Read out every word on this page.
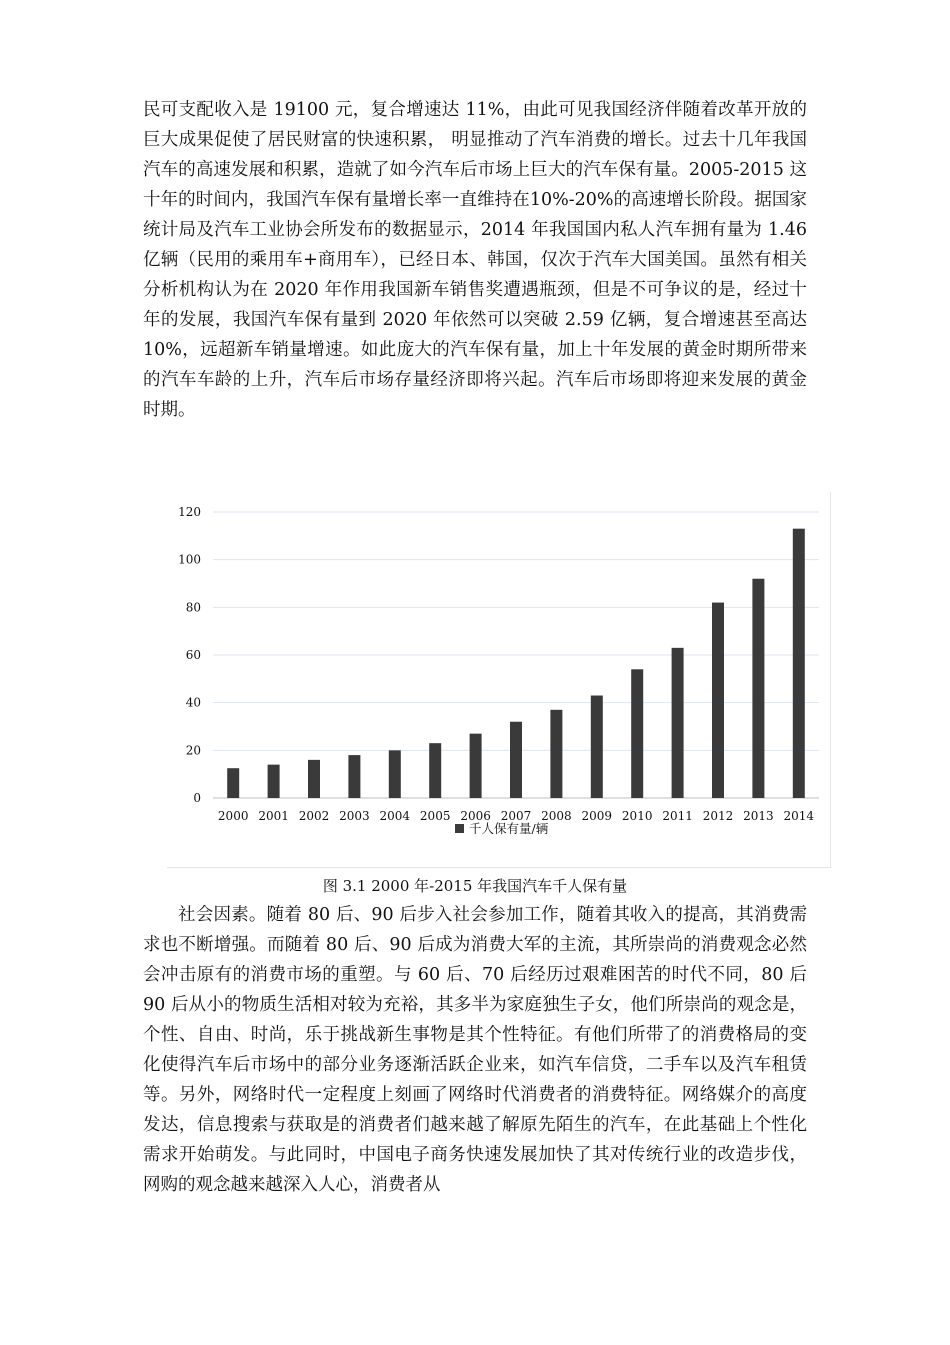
民可支配收入是 19100 元，复合增速达 11%，由此可见我国经济伴随着改革开放的巨大成果促使了居民财富的快速积累， 明显推动了汽车消费的增长。过去十几年我国汽车的高速发展和积累，造就了如今汽车后市场上巨大的汽车保有量。2005-2015 这十年的时间内，我国汽车保有量增长率一直维持在10%-20%的高速增长阶段。据国家统计局及汽车工业协会所发布的数据显示，2014 年我国国内私人汽车拥有量为 1.46 亿辆（民用的乘用车+商用车），已经日本、韩国，仅次于汽车大国美国。虽然有相关分析机构认为在 2020 年作用我国新车销售奖遭遇瓶颈，但是不可争议的是，经过十年的发展，我国汽车保有量到 2020 年依然可以突破 2.59 亿辆，复合增速甚至高达 10%，远超新车销量增速。如此庞大的汽车保有量，加上十年发展的黄金时期所带来的汽车车龄的上升，汽车后市场存量经济即将兴起。汽车后市场即将迎来发展的黄金时期。

0
20
40
60
80
100
120
2000 2001 2002 2003 2004 2005 2006 2007 2008 2009 2010 2011 2012 2013 2014
千人保有量/辆
图 3.1 2000 年-2015 年我国汽车千人保有量

社会因素。随着 80 后、90 后步入社会参加工作，随着其收入的提高，其消费需求也不断增强。而随着 80 后、90 后成为消费大军的主流，其所崇尚的消费观念必然会冲击原有的消费市场的重塑。与 60 后、70 后经历过艰难困苦的时代不同，80 后 90 后从小的物质生活相对较为充裕，其多半为家庭独生子女，他们所崇尚的观念是，个性、自由、时尚，乐于挑战新生事物是其个性特征。有他们所带了的消费格局的变化使得汽车后市场中的部分业务逐渐活跃企业来，如汽车信贷，二手车以及汽车租赁等。另外，网络时代一定程度上刻画了网络时代消费者的消费特征。网络媒介的高度发达，信息搜索与获取是的消费者们越来越了解原先陌生的汽车，在此基础上个性化需求开始萌发。与此同时，中国电子商务快速发展加快了其对传统行业的改造步伐，网购的观念越来越深入人心，消费者从
